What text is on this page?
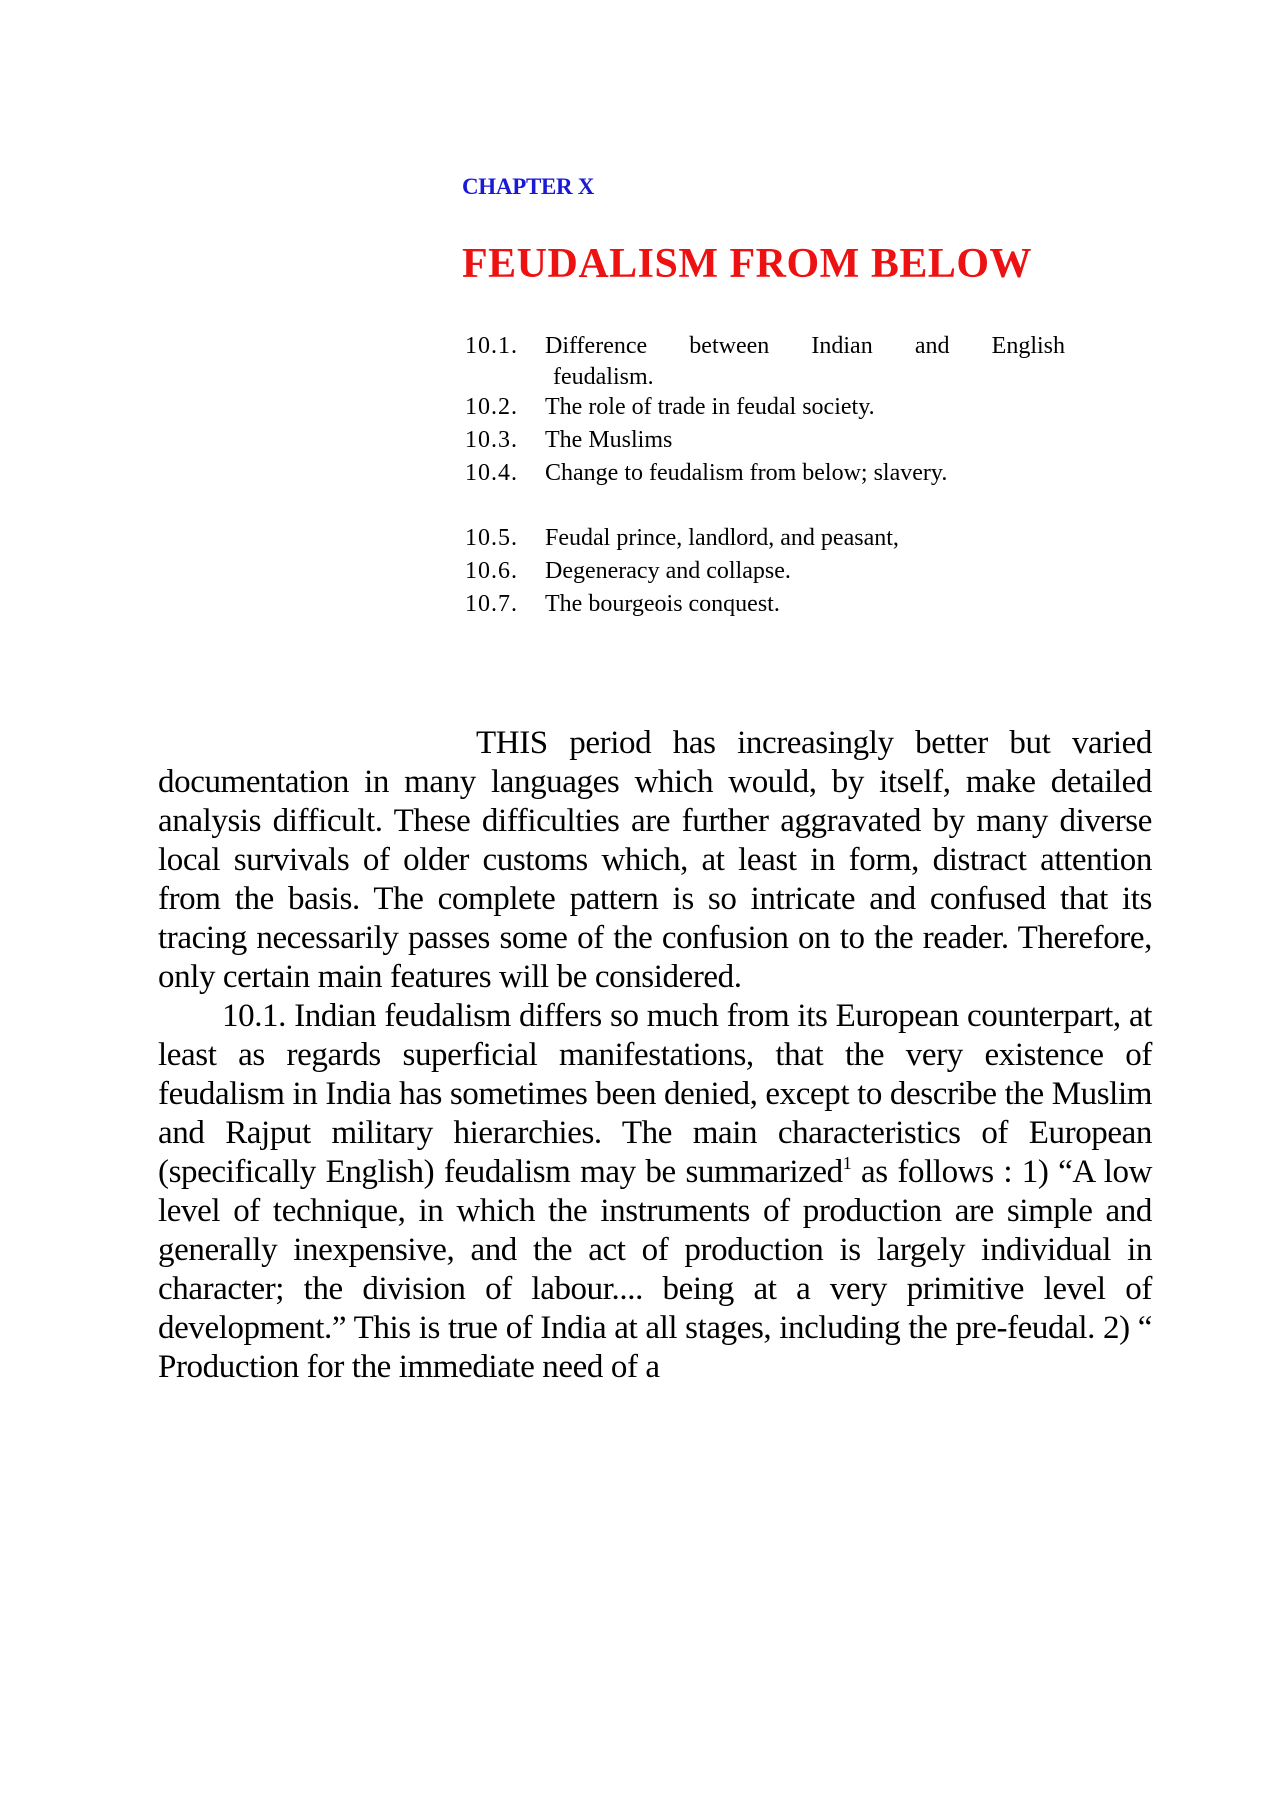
CHAPTER X
FEUDALISM FROM BELOW
10.1.	Difference between Indian and English
feudalism.
10.2.	The role of trade in feudal society.
10.3.	The Muslims
10.4.	Change to feudalism from below; slavery.
10.5.	Feudal prince, landlord, and peasant,
10.6.	Degeneracy and collapse.
10.7.	The bourgeois conquest.

THIS period has increasingly better but varied documentation in many languages which would, by itself, make detailed analysis difficult. These difficulties are further aggravated by many diverse local survivals of older customs which, at least in form, distract attention from the basis. The complete pattern is so intricate and confused that its tracing necessarily passes some of the confusion on to the reader. Therefore, only certain main features will be considered.

10.1. Indian feudalism differs so much from its European counterpart, at least as regards superficial manifestations, that the very existence of feudalism in India has sometimes been denied, except to describe the Muslim and Rajput military hierarchies. The main characteristics of European (specifically English) feudalism may be summarized$^1$ as follows : 1) “A low level of technique, in which the instruments of production are simple and generally inexpensive, and the act of production is largely individual in character; the division of labour.... being at a very primitive level of development.” This is true of India at all stages, including the pre-feudal. 2) “ Production for the immediate need of a
